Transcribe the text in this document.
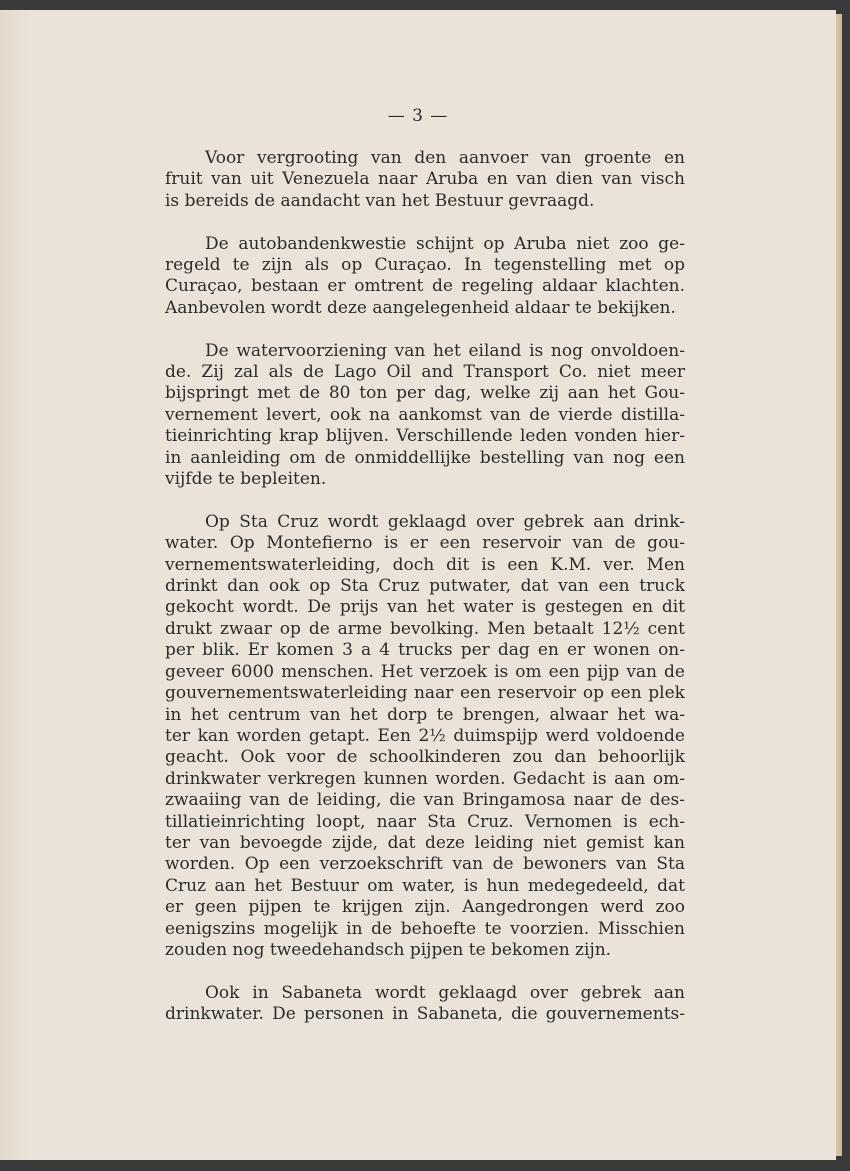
— 3 —

Voor vergrooting van den aanvoer van groente en
fruit van uit Venezuela naar Aruba en van dien van visch
is bereids de aandacht van het Bestuur gevraagd.

De autobandenkwestie schijnt op Aruba niet zoo ge-
regeld te zijn als op Curaçao. In tegenstelling met op
Curaçao, bestaan er omtrent de regeling aldaar klachten.
Aanbevolen wordt deze aangelegenheid aldaar te bekijken.

De watervoorziening van het eiland is nog onvoldoen-
de. Zij zal als de Lago Oil and Transport Co. niet meer
bijspringt met de 80 ton per dag, welke zij aan het Gou-
vernement levert, ook na aankomst van de vierde distilla-
tieinrichting krap blijven. Verschillende leden vonden hier-
in aanleiding om de onmiddellijke bestelling van nog een
vijfde te bepleiten.

Op Sta Cruz wordt geklaagd over gebrek aan drink-
water. Op Montefierno is er een reservoir van de gou-
vernementswaterleiding, doch dit is een K.M. ver. Men
drinkt dan ook op Sta Cruz putwater, dat van een truck
gekocht wordt. De prijs van het water is gestegen en dit
drukt zwaar op de arme bevolking. Men betaalt 12½ cent
per blik. Er komen 3 a 4 trucks per dag en er wonen on-
geveer 6000 menschen. Het verzoek is om een pijp van de
gouvernementswaterleiding naar een reservoir op een plek
in het centrum van het dorp te brengen, alwaar het wa-
ter kan worden getapt. Een 2½ duimspijp werd voldoende
geacht. Ook voor de schoolkinderen zou dan behoorlijk
drinkwater verkregen kunnen worden. Gedacht is aan om-
zwaaiing van de leiding, die van Bringamosa naar de des-
tillatieinrichting loopt, naar Sta Cruz. Vernomen is ech-
ter van bevoegde zijde, dat deze leiding niet gemist kan
worden. Op een verzoekschrift van de bewoners van Sta
Cruz aan het Bestuur om water, is hun medegedeeld, dat
er geen pijpen te krijgen zijn. Aangedrongen werd zoo
eenigszins mogelijk in de behoefte te voorzien. Misschien
zouden nog tweedehandsch pijpen te bekomen zijn.

Ook in Sabaneta wordt geklaagd over gebrek aan
drinkwater. De personen in Sabaneta, die gouvernements-
